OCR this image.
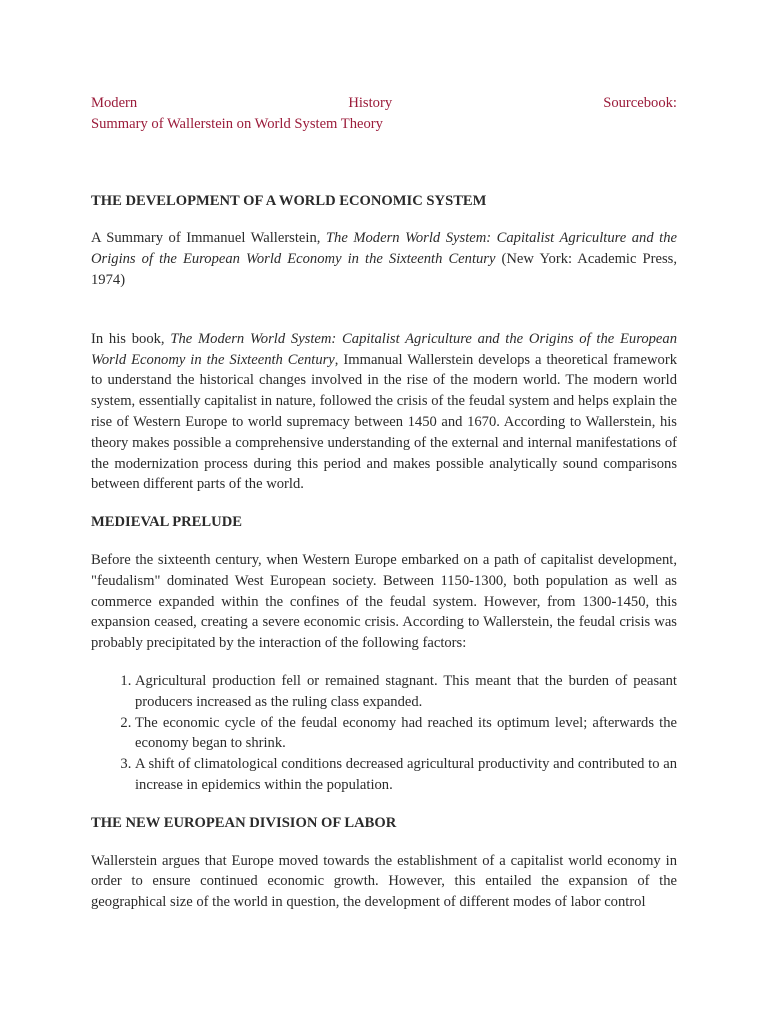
Modern	History	Sourcebook:

Summary of Wallerstein on World System Theory

THE DEVELOPMENT OF A WORLD ECONOMIC SYSTEM

A Summary of Immanuel Wallerstein, The Modern World System: Capitalist Agriculture and the Origins of the European World Economy in the Sixteenth Century (New York: Academic Press, 1974)

In his book, The Modern World System: Capitalist Agriculture and the Origins of the European World Economy in the Sixteenth Century, Immanual Wallerstein develops a theoretical framework to understand the historical changes involved in the rise of the modern world. The modern world system, essentially capitalist in nature, followed the crisis of the feudal system and helps explain the rise of Western Europe to world supremacy between 1450 and 1670. According to Wallerstein, his theory makes possible a comprehensive understanding of the external and internal manifestations of the modernization process during this period and makes possible analytically sound comparisons between different parts of the world.

MEDIEVAL PRELUDE

Before the sixteenth century, when Western Europe embarked on a path of capitalist development, "feudalism" dominated West European society. Between 1150-1300, both population as well as commerce expanded within the confines of the feudal system. However, from 1300-1450, this expansion ceased, creating a severe economic crisis. According to Wallerstein, the feudal crisis was probably precipitated by the interaction of the following factors:

1. Agricultural production fell or remained stagnant. This meant that the burden of peasant producers increased as the ruling class expanded.
2. The economic cycle of the feudal economy had reached its optimum level; afterwards the economy began to shrink.
3. A shift of climatological conditions decreased agricultural productivity and contributed to an increase in epidemics within the population.
THE NEW EUROPEAN DIVISION OF LABOR

Wallerstein argues that Europe moved towards the establishment of a capitalist world economy in order to ensure continued economic growth. However, this entailed the expansion of the geographical size of the world in question, the development of different modes of labor control
